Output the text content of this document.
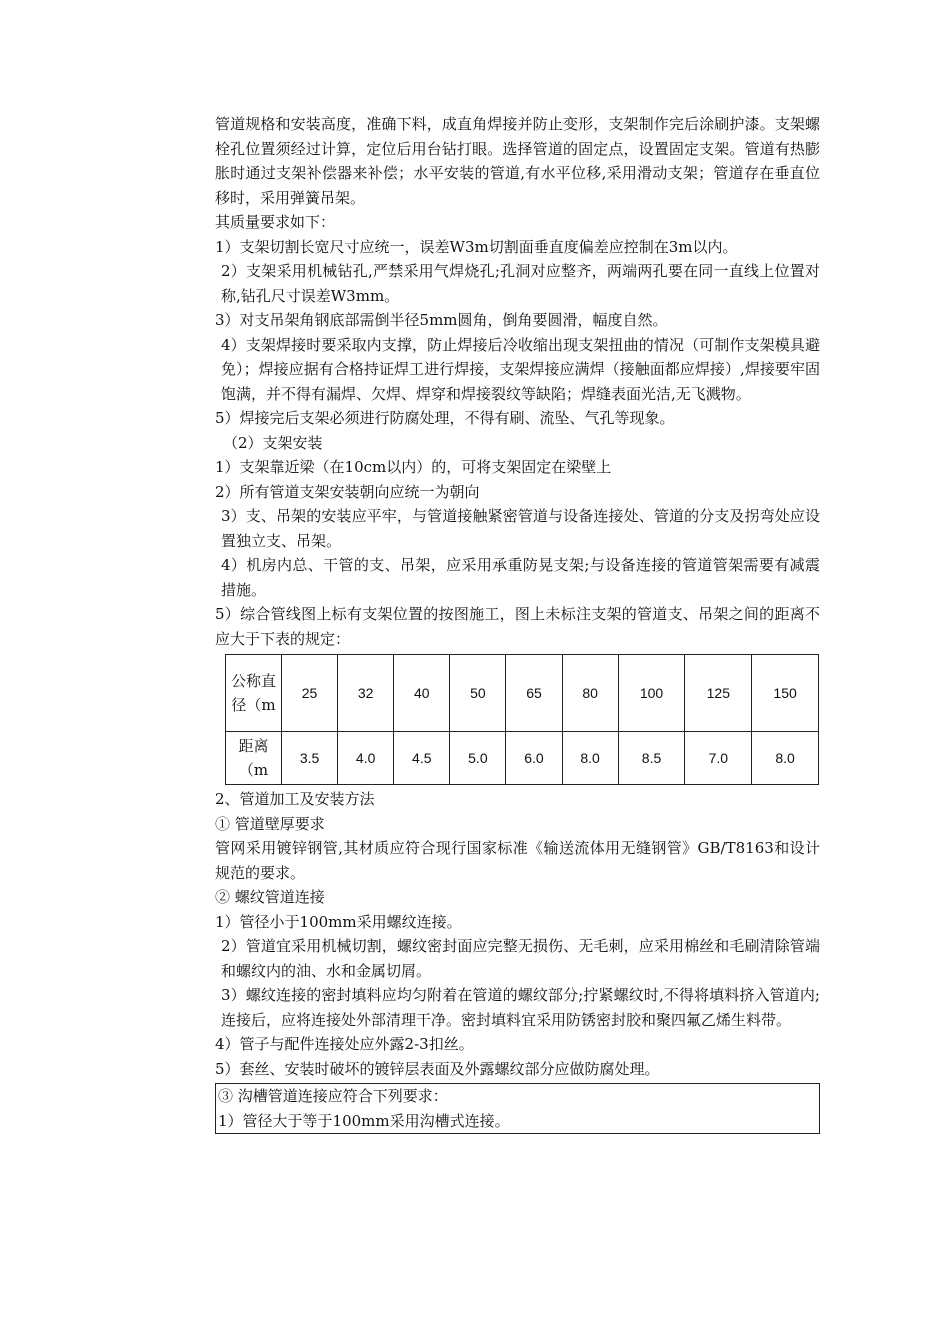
管道规格和安装高度，准确下料，成直角焊接并防止变形，支架制作完后涂刷护漆。支架螺栓孔位置须经过计算，定位后用台钻打眼。选择管道的固定点，设置固定支架。管道有热膨胀时通过支架补偿器来补偿；水平安装的管道,有水平位移,采用滑动支架；管道存在垂直位移时，采用弹簧吊架。

其质量要求如下：

1）支架切割长宽尺寸应统一，误差W3m切割面垂直度偏差应控制在3m以内。

2）支架采用机械钻孔,严禁采用气焊烧孔;孔洞对应整齐，两端两孔要在同一直线上位置对称,钻孔尺寸误差W3mm。

3）对支吊架角钢底部需倒半径5mm圆角，倒角要圆滑，幅度自然。

4）支架焊接时要采取内支撑，防止焊接后冷收缩出现支架扭曲的情况（可制作支架模具避免）；焊接应据有合格持证焊工进行焊接，支架焊接应满焊（接触面都应焊接）,焊接要牢固饱满，并不得有漏焊、欠焊、焊穿和焊接裂纹等缺陷；焊缝表面光洁,无飞溅物。

5）焊接完后支架必须进行防腐处理，不得有刷、流坠、气孔等现象。

（2）支架安装

1）支架靠近梁（在10cm以内）的，可将支架固定在梁壁上

2）所有管道支架安装朝向应统一为朝向

3）支、吊架的安装应平牢，与管道接触紧密管道与设备连接处、管道的分支及拐弯处应设置独立支、吊架。

4）机房内总、干管的支、吊架，应采用承重防晃支架;与设备连接的管道管架需要有减震措施。

5）综合管线图上标有支架位置的按图施工，图上未标注支架的管道支、吊架之间的距离不应大于下表的规定：

公称直径（m	25	32	40	50	65	80	100	125	150
距离（m	3.5	4.0	4.5	5.0	6.0	8.0	8.5	7.0	8.0

2、管道加工及安装方法

① 管道壁厚要求

管网采用镀锌钢管,其材质应符合现行国家标准《输送流体用无缝钢管》GB/T8163和设计规范的要求。

② 螺纹管道连接

1）管径小于100mm采用螺纹连接。

2）管道宜采用机械切割，螺纹密封面应完整无损伤、无毛刺，应采用棉丝和毛刷清除管端和螺纹内的油、水和金属切屑。

3）螺纹连接的密封填料应均匀附着在管道的螺纹部分;拧紧螺纹时,不得将填料挤入管道内;连接后，应将连接处外部清理干净。密封填料宜采用防锈密封胶和聚四氟乙烯生料带。

4）管子与配件连接处应外露2-3扣丝。

5）套丝、安装时破坏的镀锌层表面及外露螺纹部分应做防腐处理。

③ 沟槽管道连接应符合下列要求：

1）管径大于等于100mm采用沟槽式连接。
